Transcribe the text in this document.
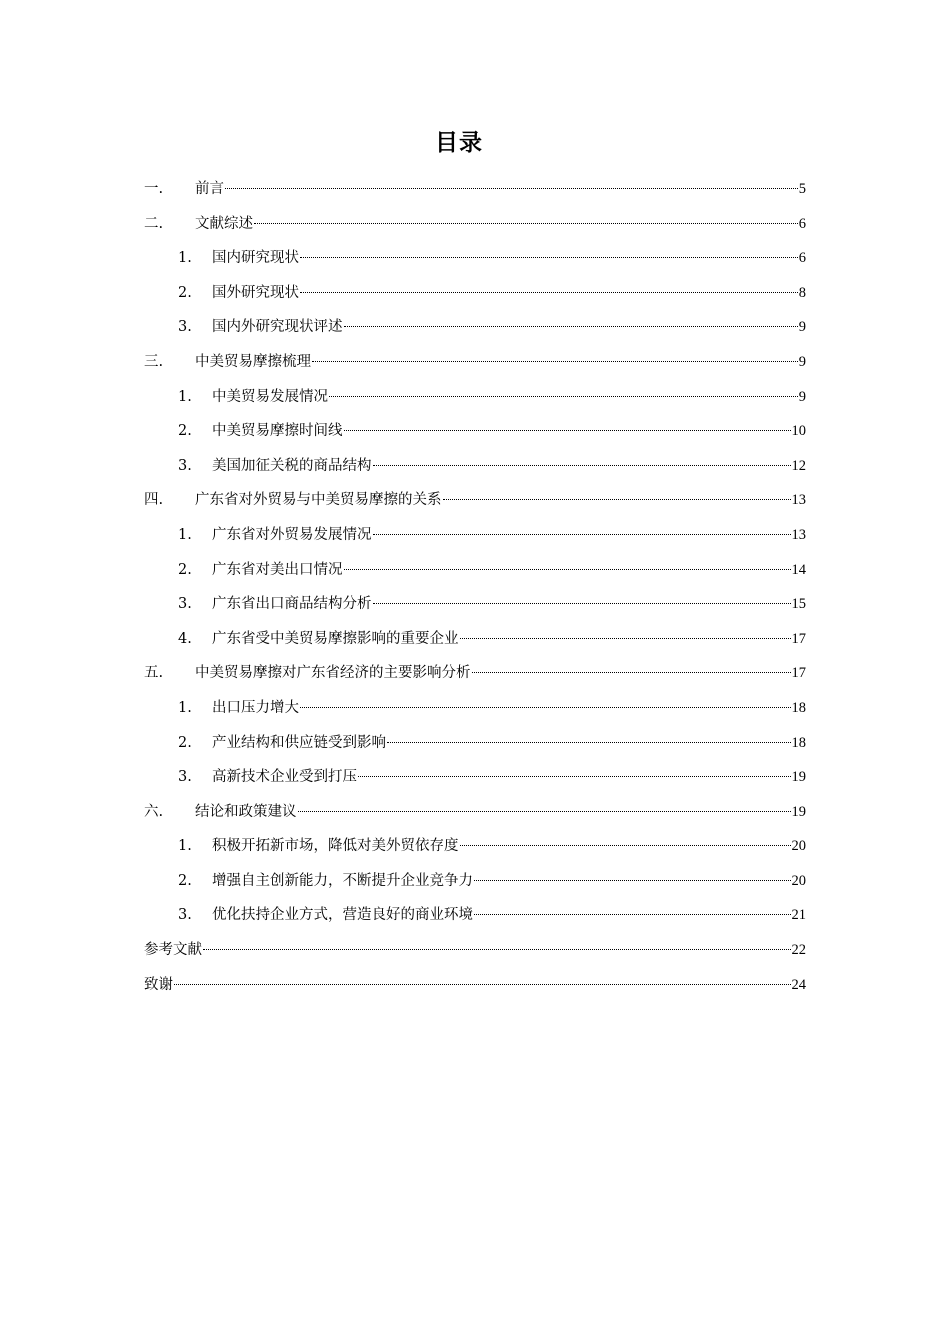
目录
一.	前言	5
二.	文献综述	6
1.	国内研究现状	6
2.	国外研究现状	8
3.	国内外研究现状评述	9
三.	中美贸易摩擦梳理	9
1.	中美贸易发展情况	9
2.	中美贸易摩擦时间线	10
3.	美国加征关税的商品结构	12
四.	广东省对外贸易与中美贸易摩擦的关系	13
1.	广东省对外贸易发展情况	13
2.	广东省对美出口情况	14
3.	广东省出口商品结构分析	15
4.	广东省受中美贸易摩擦影响的重要企业	17
五.	中美贸易摩擦对广东省经济的主要影响分析	17
1.	出口压力增大	18
2.	产业结构和供应链受到影响	18
3.	高新技术企业受到打压	19
六.	结论和政策建议	19
1.	积极开拓新市场，降低对美外贸依存度	20
2.	增强自主创新能力，不断提升企业竞争力	20
3.	优化扶持企业方式，营造良好的商业环境	21
参考文献	22
致谢	24
